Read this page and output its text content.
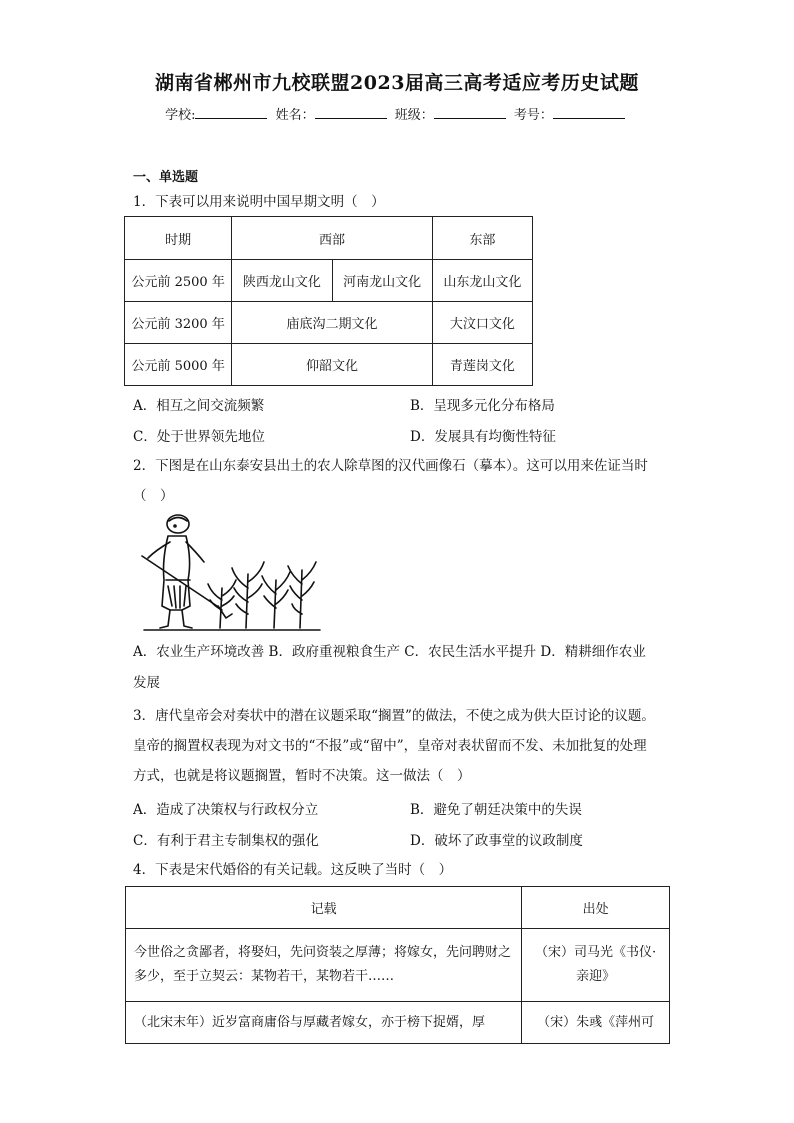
湖南省郴州市九校联盟2023届高三高考适应考历史试题
学校:	姓名：	班级：	考号：
一、单选题
1．下表可以用来说明中国早期文明（　）
时期	西部		东部
公元前 2500 年	陕西龙山文化	河南龙山文化	山东龙山文化
公元前 3200 年	庙底沟二期文化		大汶口文化
公元前 5000 年	仰韶文化		青莲岗文化
A．相互之间交流频繁	B．呈现多元化分布格局
C．处于世界领先地位	D．发展具有均衡性特征
2．下图是在山东泰安县出土的农人除草图的汉代画像石（摹本）。这可以用来佐证当时
（　）
A．农业生产环境改善 B．政府重视粮食生产 C．农民生活水平提升 D．精耕细作农业
发展
3．唐代皇帝会对奏状中的潜在议题采取“搁置”的做法，不使之成为供大臣讨论的议题。
皇帝的搁置权表现为对文书的“不报”或“留中”，皇帝对表状留而不发、未加批复的处理
方式，也就是将议题搁置，暂时不决策。这一做法（　）
A．造成了决策权与行政权分立	B．避免了朝廷决策中的失误
C．有利于君主专制集权的强化	D．破坏了政事堂的议政制度
4．下表是宋代婚俗的有关记载。这反映了当时（　）
记载	出处
今世俗之贪鄙者，将娶妇，先问资装之厚薄；将嫁女，先问聘财之多少，至于立契云：某物若干，某物若干……	（宋）司马光《书仪·亲迎》
（北宋末年）近岁富商庸俗与厚藏者嫁女，亦于榜下捉婿，厚	（宋）朱彧《萍州可
